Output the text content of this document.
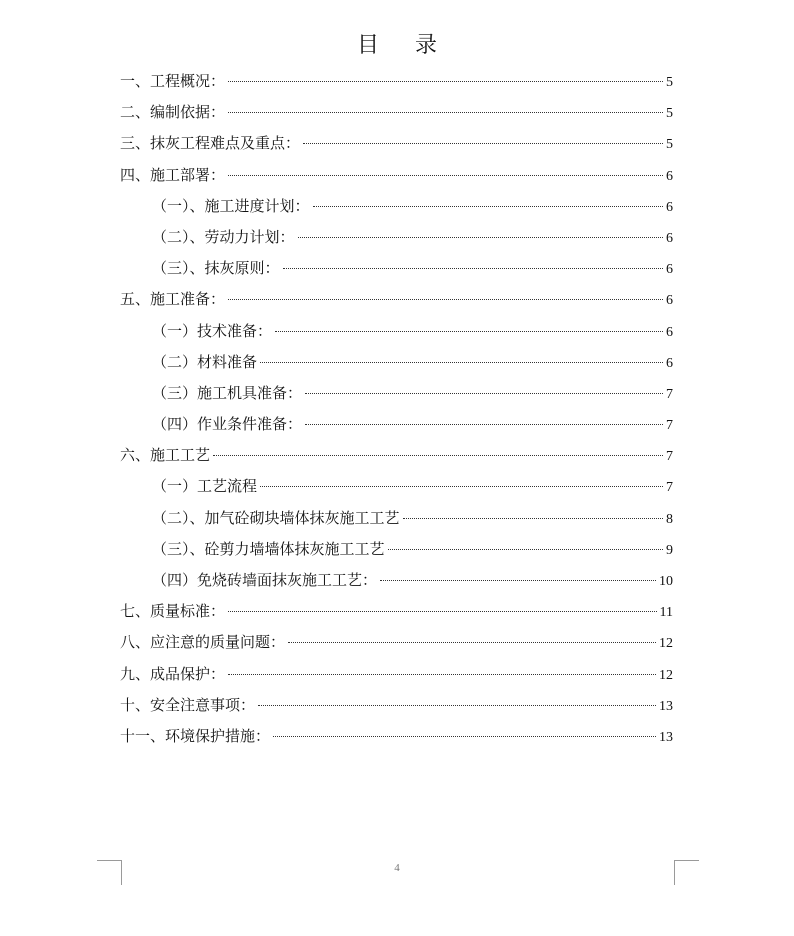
目 录
一、工程概况：	5
二、编制依据：	5
三、抹灰工程难点及重点：	5
四、施工部署：	6
（一）、施工进度计划：	6
（二）、劳动力计划：	6
（三）、抹灰原则：	6
五、施工准备：	6
（一）技术准备：	6
（二）材料准备	6
（三）施工机具准备：	7
（四）作业条件准备：	7
六、施工工艺	7
（一）工艺流程	7
（二）、加气砼砌块墙体抹灰施工工艺	8
（三）、砼剪力墙墙体抹灰施工工艺	9
（四）免烧砖墙面抹灰施工工艺：	10
七、质量标准：	11
八、应注意的质量问题：	12
九、成品保护：	12
十、安全注意事项：	13
十一、环境保护措施：	13
4
